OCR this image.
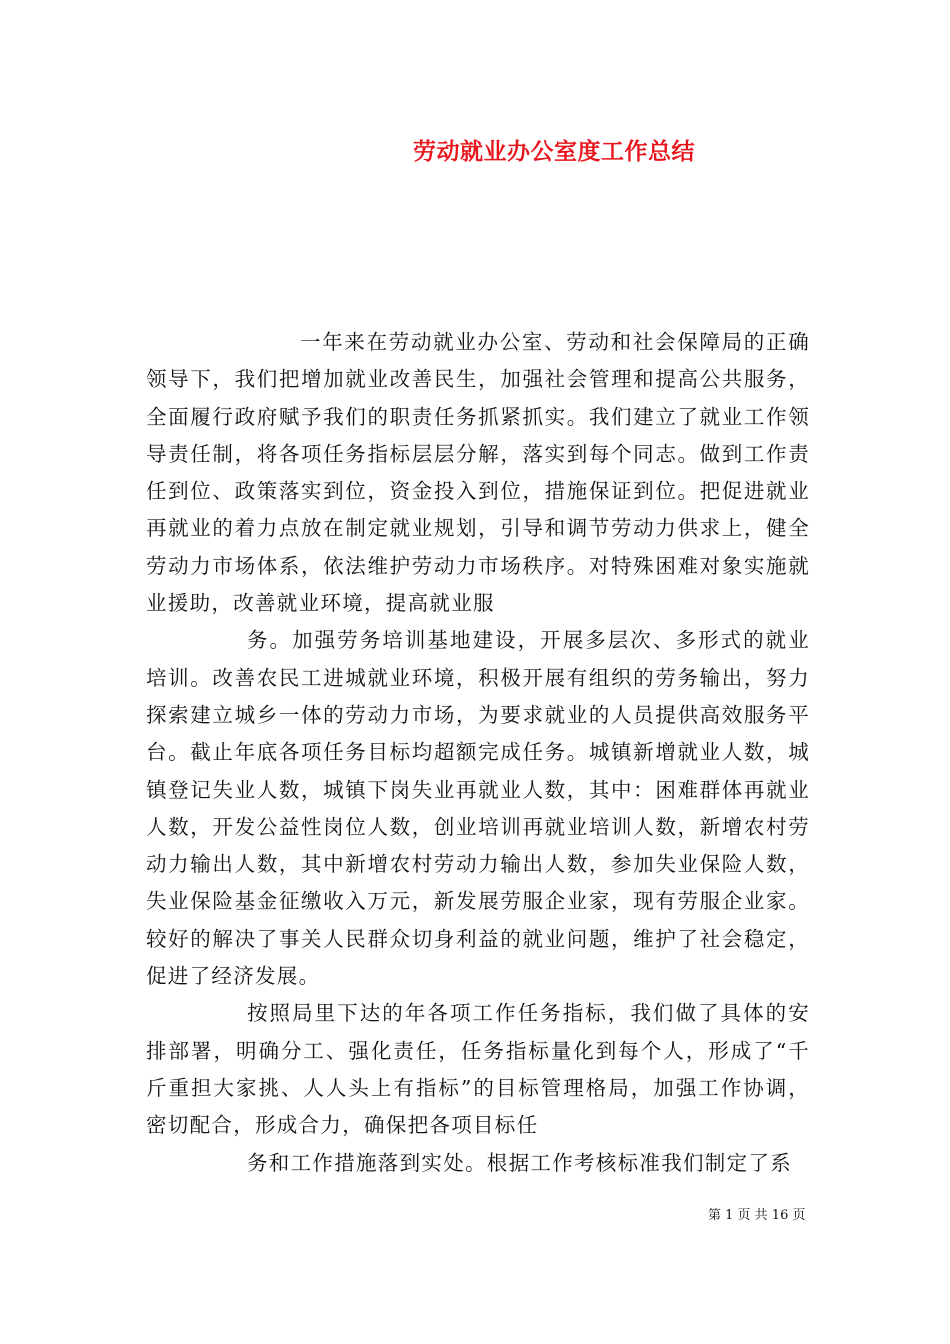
劳动就业办公室度工作总结

一年来在劳动就业办公室、劳动和社会保障局的正确领导下，我们把增加就业改善民生，加强社会管理和提高公共服务，全面履行政府赋予我们的职责任务抓紧抓实。我们建立了就业工作领导责任制，将各项任务指标层层分解，落实到每个同志。做到工作责任到位、政策落实到位，资金投入到位，措施保证到位。把促进就业再就业的着力点放在制定就业规划，引导和调节劳动力供求上，健全劳动力市场体系，依法维护劳动力市场秩序。对特殊困难对象实施就业援助，改善就业环境，提高就业服

务。加强劳务培训基地建设，开展多层次、多形式的就业培训。改善农民工进城就业环境，积极开展有组织的劳务输出，努力探索建立城乡一体的劳动力市场，为要求就业的人员提供高效服务平台。截止年底各项任务目标均超额完成任务。城镇新增就业人数，城镇登记失业人数，城镇下岗失业再就业人数，其中：困难群体再就业人数，开发公益性岗位人数，创业培训再就业培训人数，新增农村劳动力输出人数，其中新增农村劳动力输出人数，参加失业保险人数，失业保险基金征缴收入万元，新发展劳服企业家，现有劳服企业家。较好的解决了事关人民群众切身利益的就业问题，维护了社会稳定，促进了经济发展。

按照局里下达的年各项工作任务指标，我们做了具体的安排部署，明确分工、强化责任，任务指标量化到每个人，形成了“千斤重担大家挑、人人头上有指标”的目标管理格局，加强工作协调，密切配合，形成合力，确保把各项目标任

务和工作措施落到实处。根据工作考核标准我们制定了系

第 1 页 共 16 页
